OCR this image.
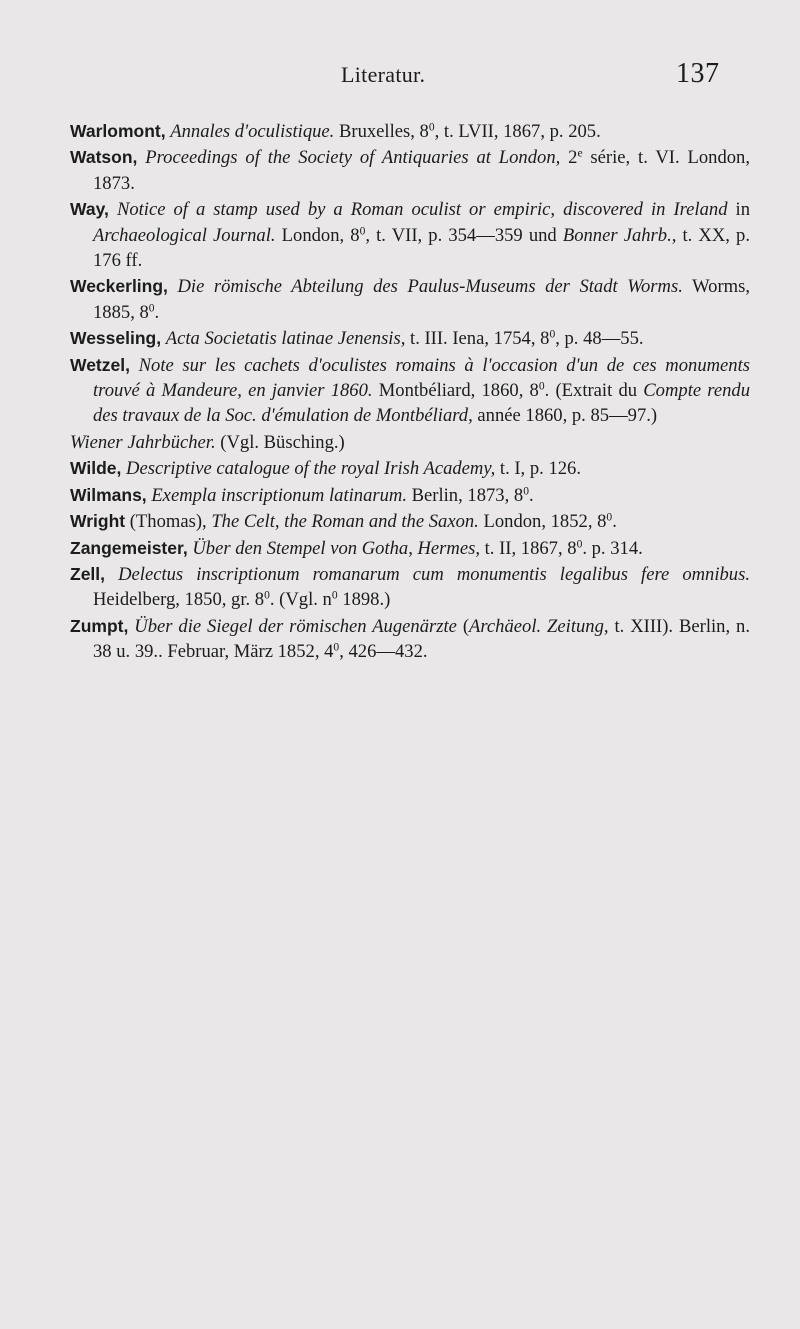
Literatur.	137

Warlomont, Annales d'oculistique. Bruxelles, $8^0$, t. LVII, 1867, p. 205.

Watson, Proceedings of the Society of Antiquaries at London, 2e série, t. VI. London, 1873.

Way, Notice of a stamp used by a Roman oculist or empiric, discovered in Ireland in Archaeological Journal. London, $8^0$, t. VII, p. 354—359 und Bonner Jahrb., t. XX, p. 176 ff.

Weckerling, Die römische Abteilung des Paulus-Museums der Stadt Worms. Worms, 1885, $8^0$.

Wesseling, Acta Societatis latinae Jenensis, t. III. Iena, 1754, $8^0$, p. 48—55.

Wetzel, Note sur les cachets d'oculistes romains à l'occasion d'un de ces monuments trouvé à Mandeure, en janvier 1860. Montbéliard, 1860, $8^0$. (Extrait du Compte rendu des travaux de la Soc. d'émulation de Montbéliard, année 1860, p. 85—97.)

Wiener Jahrbücher. (Vgl. Büsching.)

Wilde, Descriptive catalogue of the royal Irish Academy, t. I, p. 126.

Wilmans, Exempla inscriptionum latinarum. Berlin, 1873, $8^0$.

Wright (Thomas), The Celt, the Roman and the Saxon. London, 1852, $8^0$.

Zangemeister, Über den Stempel von Gotha, Hermes, t. II, 1867, $8^0$. p. 314.

Zell, Delectus inscriptionum romanarum cum monumentis legalibus fere omnibus. Heidelberg, 1850, gr. $8^0$. (Vgl. $n^0$ 1898.)

Zumpt, Über die Siegel der römischen Augenärzte (Archäeol. Zeitung, t. XIII). Berlin, n. 38 u. 39.. Februar, März 1852, $4^0$, 426—432.
